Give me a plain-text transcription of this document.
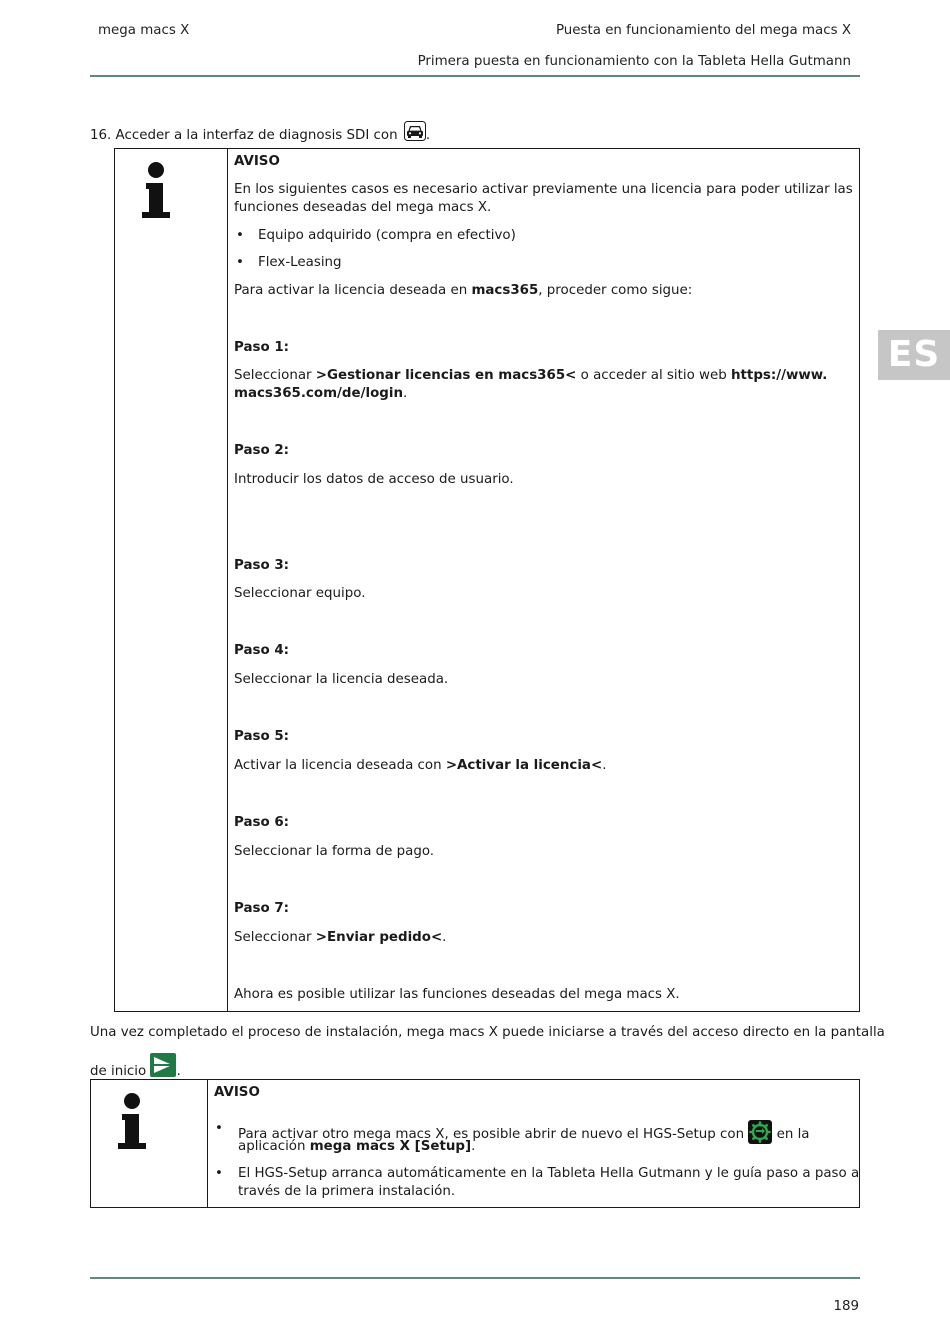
mega macs X	Puesta en funcionamiento del mega macs X
Primera puesta en funcionamiento con la Tableta Hella Gutmann
ES
16. Acceder a la interfaz de diagnosis SDI con .
AVISO
En los siguientes casos es necesario activar previamente una licencia para poder utilizar las
funciones deseadas del mega macs X.
• Equipo adquirido (compra en efectivo)
• Flex-Leasing
Para activar la licencia deseada en macs365, proceder como sigue:
Paso 1:
Seleccionar >Gestionar licencias en macs365< o acceder al sitio web https://www.
macs365.com/de/login.
Paso 2:
Introducir los datos de acceso de usuario.
Paso 3:
Seleccionar equipo.
Paso 4:
Seleccionar la licencia deseada.
Paso 5:
Activar la licencia deseada con >Activar la licencia<.
Paso 6:
Seleccionar la forma de pago.
Paso 7:
Seleccionar >Enviar pedido<.
Ahora es posible utilizar las funciones deseadas del mega macs X.
Una vez completado el proceso de instalación, mega macs X puede iniciarse a través del acceso directo en la pantalla
de inicio .
AVISO
• Para activar otro mega macs X, es posible abrir de nuevo el HGS-Setup con en la
aplicación mega macs X [Setup].
• El HGS-Setup arranca automáticamente en la Tableta Hella Gutmann y le guía paso a paso a
través de la primera instalación.
189
